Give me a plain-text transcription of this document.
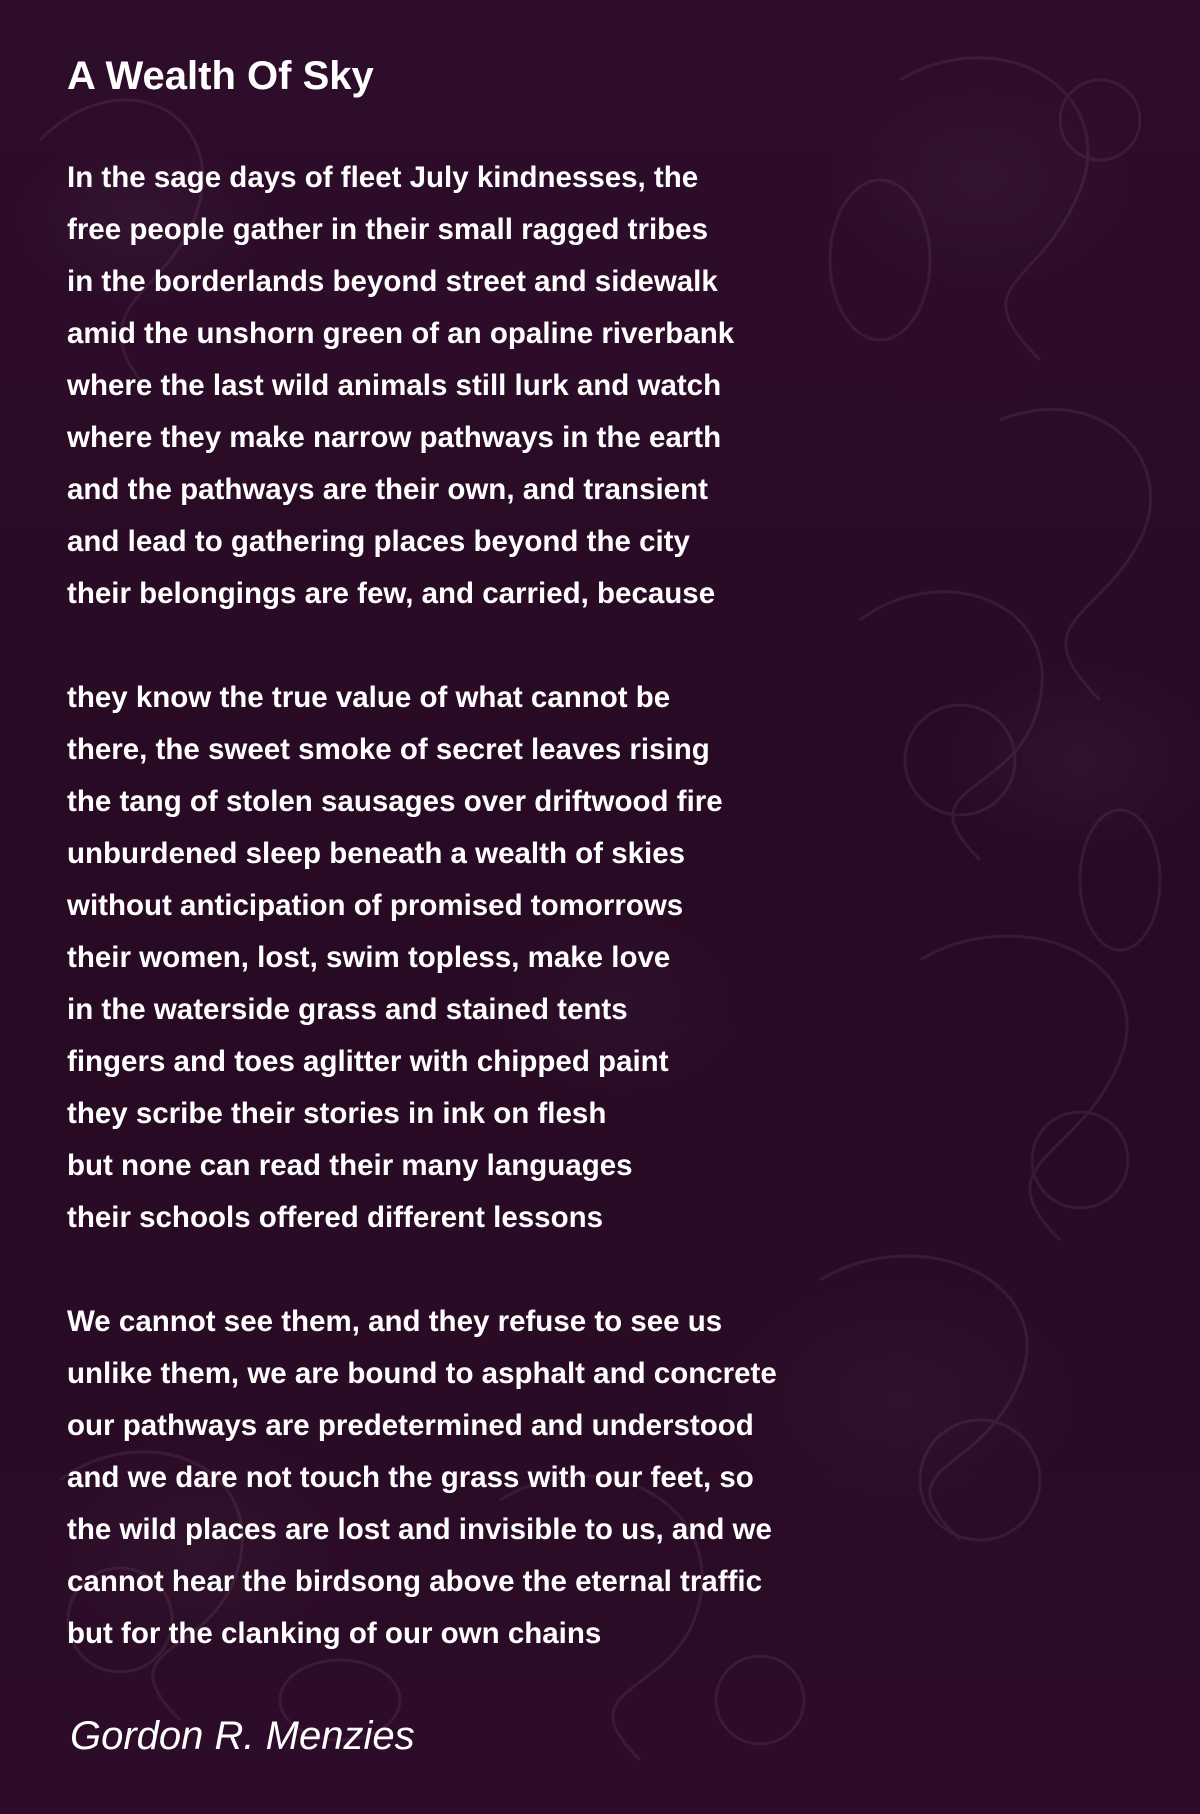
A Wealth Of Sky
In the sage days of fleet July kindnesses, the
free people gather in their small ragged tribes
in the borderlands beyond street and sidewalk
amid the unshorn green of an opaline riverbank
where the last wild animals still lurk and watch
where they make narrow pathways in the earth
and the pathways are their own, and transient
and lead to gathering places beyond the city
their belongings are few, and carried, because
they know the true value of what cannot be
there, the sweet smoke of secret leaves rising
the tang of stolen sausages over driftwood fire
unburdened sleep beneath a wealth of skies
without anticipation of promised tomorrows
their women, lost, swim topless, make love
in the waterside grass and stained tents
fingers and toes aglitter with chipped paint
they scribe their stories in ink on flesh
but none can read their many languages
their schools offered different lessons
We cannot see them, and they refuse to see us
unlike them, we are bound to asphalt and concrete
our pathways are predetermined and understood
and we dare not touch the grass with our feet, so
the wild places are lost and invisible to us, and we
cannot hear the birdsong above the eternal traffic
but for the clanking of our own chains

Gordon R. Menzies
